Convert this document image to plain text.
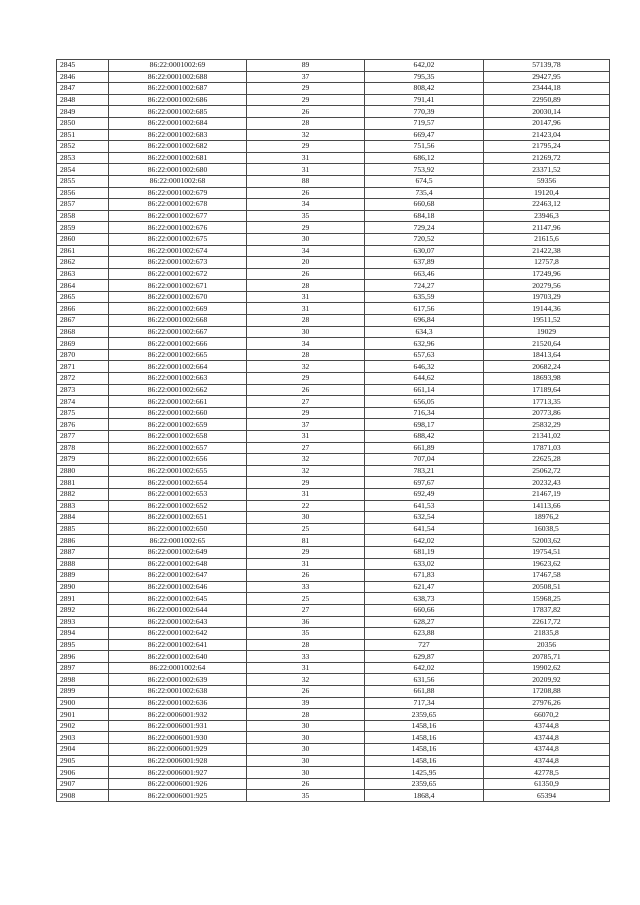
2845	86:22:0001002:69	89	642,02	57139,78
2846	86:22:0001002:688	37	795,35	29427,95
2847	86:22:0001002:687	29	808,42	23444,18
2848	86:22:0001002:686	29	791,41	22950,89
2849	86:22:0001002:685	26	770,39	20030,14
2850	86:22:0001002:684	28	719,57	20147,96
2851	86:22:0001002:683	32	669,47	21423,04
2852	86:22:0001002:682	29	751,56	21795,24
2853	86:22:0001002:681	31	686,12	21269,72
2854	86:22:0001002:680	31	753,92	23371,52
2855	86:22:0001002:68	88	674,5	59356
2856	86:22:0001002:679	26	735,4	19120,4
2857	86:22:0001002:678	34	660,68	22463,12
2858	86:22:0001002:677	35	684,18	23946,3
2859	86:22:0001002:676	29	729,24	21147,96
2860	86:22:0001002:675	30	720,52	21615,6
2861	86:22:0001002:674	34	630,07	21422,38
2862	86:22:0001002:673	20	637,89	12757,8
2863	86:22:0001002:672	26	663,46	17249,96
2864	86:22:0001002:671	28	724,27	20279,56
2865	86:22:0001002:670	31	635,59	19703,29
2866	86:22:0001002:669	31	617,56	19144,36
2867	86:22:0001002:668	28	696,84	19511,52
2868	86:22:0001002:667	30	634,3	19029
2869	86:22:0001002:666	34	632,96	21520,64
2870	86:22:0001002:665	28	657,63	18413,64
2871	86:22:0001002:664	32	646,32	20682,24
2872	86:22:0001002:663	29	644,62	18693,98
2873	86:22:0001002:662	26	661,14	17189,64
2874	86:22:0001002:661	27	656,05	17713,35
2875	86:22:0001002:660	29	716,34	20773,86
2876	86:22:0001002:659	37	698,17	25832,29
2877	86:22:0001002:658	31	688,42	21341,02
2878	86:22:0001002:657	27	661,89	17871,03
2879	86:22:0001002:656	32	707,04	22625,28
2880	86:22:0001002:655	32	783,21	25062,72
2881	86:22:0001002:654	29	697,67	20232,43
2882	86:22:0001002:653	31	692,49	21467,19
2883	86:22:0001002:652	22	641,53	14113,66
2884	86:22:0001002:651	30	632,54	18976,2
2885	86:22:0001002:650	25	641,54	16038,5
2886	86:22:0001002:65	81	642,02	52003,62
2887	86:22:0001002:649	29	681,19	19754,51
2888	86:22:0001002:648	31	633,02	19623,62
2889	86:22:0001002:647	26	671,83	17467,58
2890	86:22:0001002:646	33	621,47	20508,51
2891	86:22:0001002:645	25	638,73	15968,25
2892	86:22:0001002:644	27	660,66	17837,82
2893	86:22:0001002:643	36	628,27	22617,72
2894	86:22:0001002:642	35	623,88	21835,8
2895	86:22:0001002:641	28	727	20356
2896	86:22:0001002:640	33	629,87	20785,71
2897	86:22:0001002:64	31	642,02	19902,62
2898	86:22:0001002:639	32	631,56	20209,92
2899	86:22:0001002:638	26	661,88	17208,88
2900	86:22:0001002:636	39	717,34	27976,26
2901	86:22:0006001:932	28	2359,65	66070,2
2902	86:22:0006001:931	30	1458,16	43744,8
2903	86:22:0006001:930	30	1458,16	43744,8
2904	86:22:0006001:929	30	1458,16	43744,8
2905	86:22:0006001:928	30	1458,16	43744,8
2906	86:22:0006001:927	30	1425,95	42778,5
2907	86:22:0006001:926	26	2359,65	61350,9
2908	86:22:0006001:925	35	1868,4	65394
